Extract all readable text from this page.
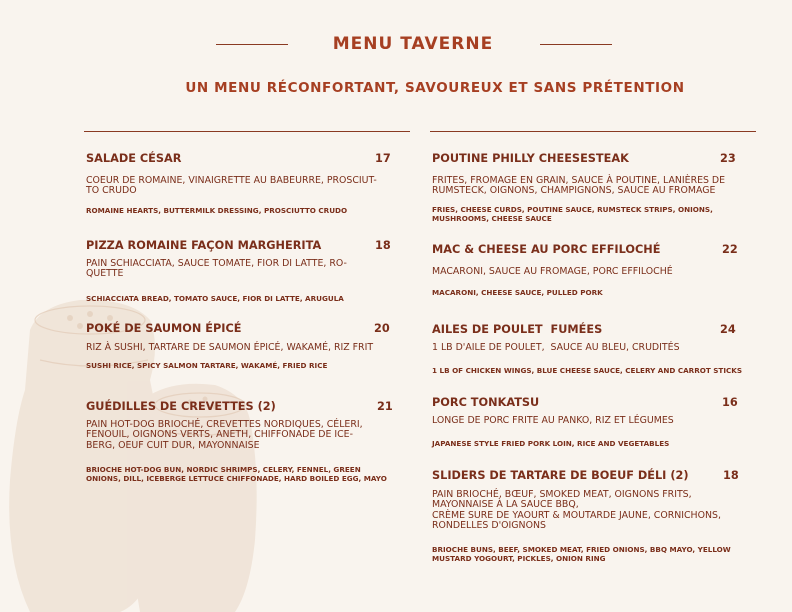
MENU TAVERNE
UN MENU RÉCONFORTANT, SAVOUREUX ET SANS PRÉTENTION
SALADE CÉSAR	17
COEUR DE ROMAINE, VINAIGRETTE AU BABEURRE, PROSCIUT-
TO CRUDO
ROMAINE HEARTS, BUTTERMILK DRESSING, PROSCIUTTO CRUDO
PIZZA ROMAINE FAÇON MARGHERITA	18
PAIN SCHIACCIATA, SAUCE TOMATE, FIOR DI LATTE, RO-
QUETTE
SCHIACCIATA BREAD, TOMATO SAUCE, FIOR DI LATTE, ARUGULA
POKÉ DE SAUMON ÉPICÉ	20
RIZ À SUSHI, TARTARE DE SAUMON ÉPICÉ, WAKAMÉ, RIZ FRIT
SUSHI RICE, SPICY SALMON TARTARE, WAKAMÉ, FRIED RICE
GUÉDILLES DE CREVETTES (2)	21
PAIN HOT-DOG BRIOCHÉ, CREVETTES NORDIQUES, CÉLERI,
FENOUIL, OIGNONS VERTS, ANETH, CHIFFONADE DE ICE-
BERG, OEUF CUIT DUR, MAYONNAISE
BRIOCHE HOT-DOG BUN, NORDIC SHRIMPS, CELERY, FENNEL, GREEN
ONIONS, DILL, ICEBERGE LETTUCE CHIFFONADE, HARD BOILED EGG, MAYO
POUTINE PHILLY CHEESESTEAK	23
FRITES, FROMAGE EN GRAIN, SAUCE À POUTINE, LANIÈRES DE
RUMSTECK, OIGNONS, CHAMPIGNONS, SAUCE AU FROMAGE
FRIES, CHEESE CURDS, POUTINE SAUCE, RUMSTECK STRIPS, ONIONS,
MUSHROOMS, CHEESE SAUCE
MAC & CHEESE AU PORC EFFILOCHÉ	22
MACARONI, SAUCE AU FROMAGE, PORC EFFILOCHÉ
MACARONI, CHEESE SAUCE, PULLED PORK
AILES DE POULET  FUMÉES	24
1 LB D'AILE DE POULET,  SAUCE AU BLEU, CRUDITÉS
1 LB OF CHICKEN WINGS, BLUE CHEESE SAUCE, CELERY AND CARROT STICKS
PORC TONKATSU	16
LONGE DE PORC FRITE AU PANKO, RIZ ET LÉGUMES
JAPANESE STYLE FRIED PORK LOIN, RICE AND VEGETABLES
SLIDERS DE TARTARE DE BOEUF DÉLI (2)	18
PAIN BRIOCHÉ, BŒUF, SMOKED MEAT, OIGNONS FRITS,
MAYONNAISE À LA SAUCE BBQ,
CRÈME SURE DE YAOURT & MOUTARDE JAUNE, CORNICHONS,
RONDELLES D'OIGNONS
BRIOCHE BUNS, BEEF, SMOKED MEAT, FRIED ONIONS, BBQ MAYO, YELLOW
MUSTARD YOGOURT, PICKLES, ONION RING
